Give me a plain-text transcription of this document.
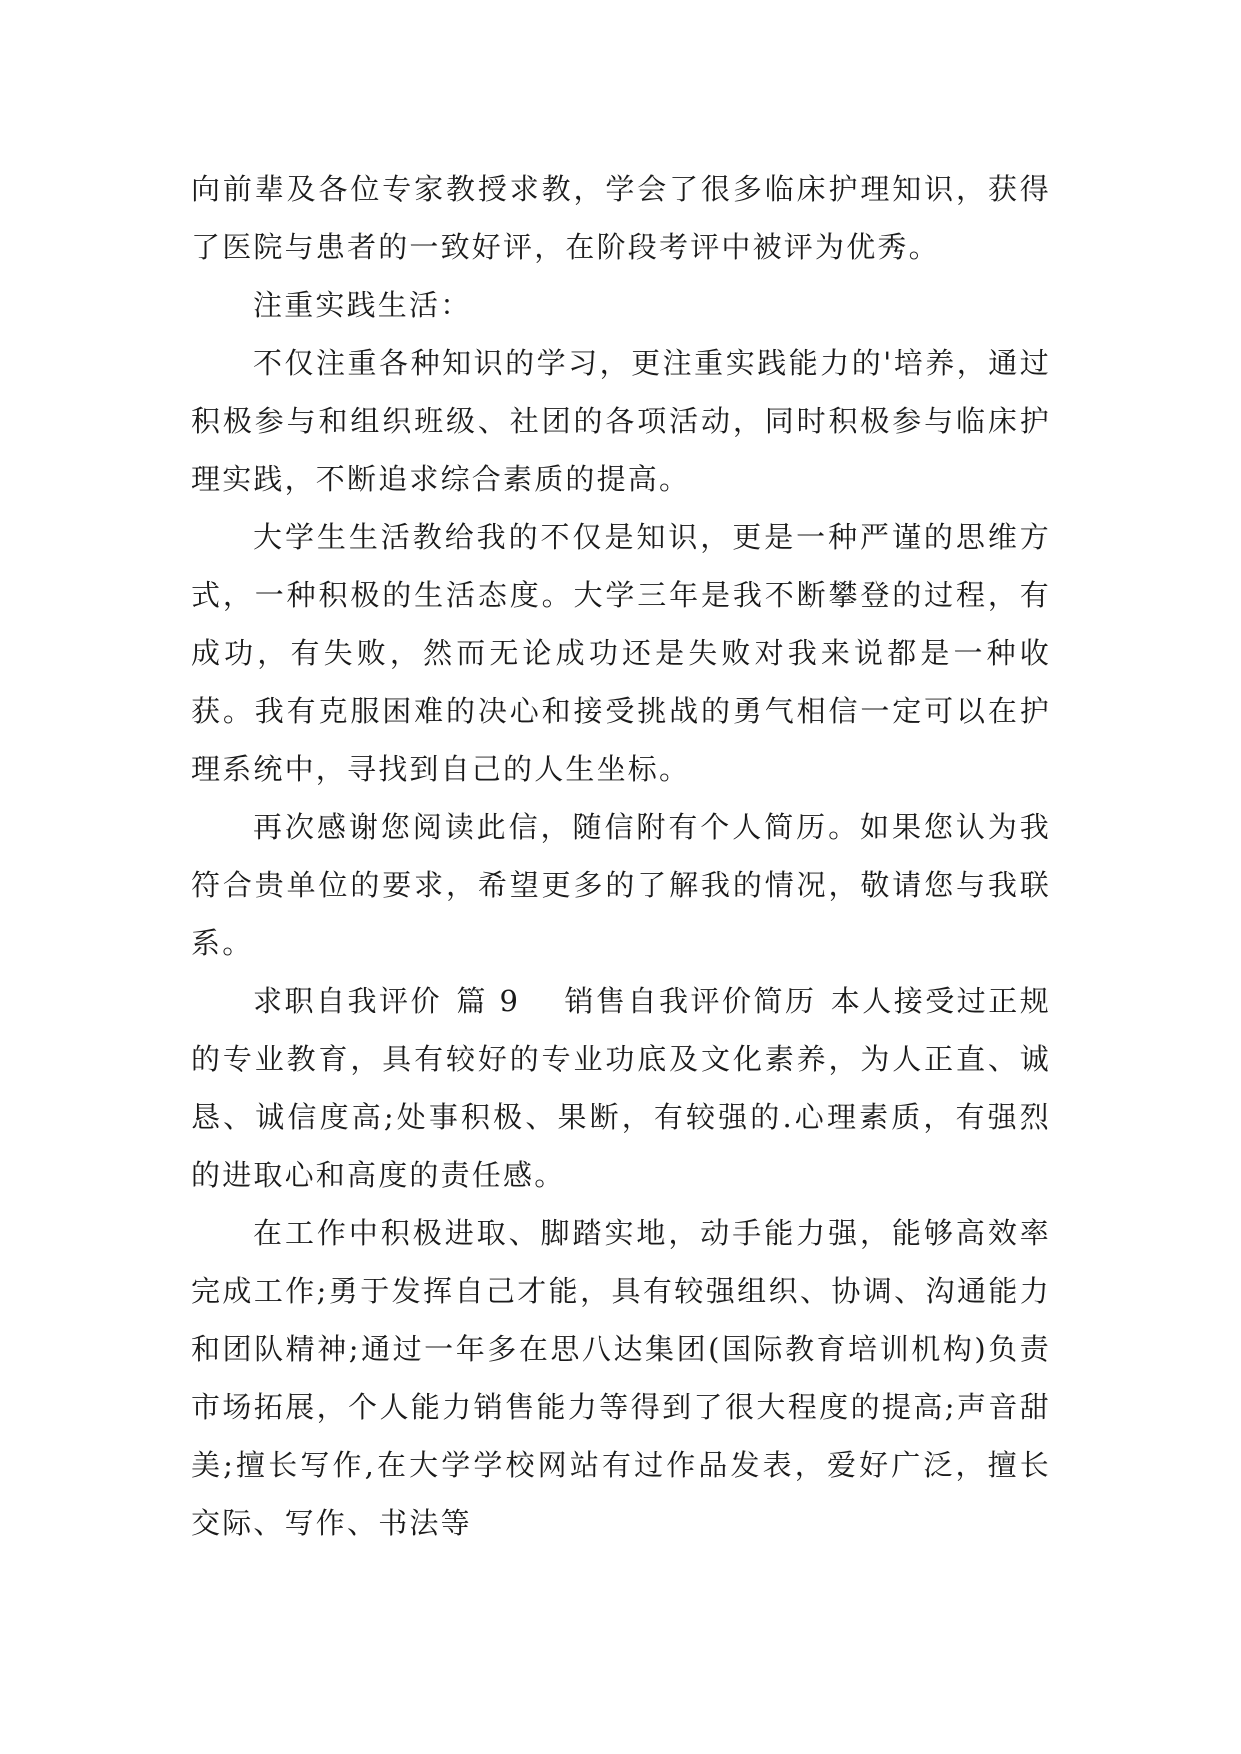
向前辈及各位专家教授求教，学会了很多临床护理知识，获得了医院与患者的一致好评，在阶段考评中被评为优秀。

注重实践生活：

不仅注重各种知识的学习，更注重实践能力的'培养，通过积极参与和组织班级、社团的各项活动，同时积极参与临床护理实践，不断追求综合素质的提高。

大学生生活教给我的不仅是知识，更是一种严谨的思维方式，一种积极的生活态度。大学三年是我不断攀登的过程，有成功，有失败，然而无论成功还是失败对我来说都是一种收获。我有克服困难的决心和接受挑战的勇气相信一定可以在护理系统中，寻找到自己的人生坐标。

再次感谢您阅读此信，随信附有个人简历。如果您认为我符合贵单位的要求，希望更多的了解我的情况，敬请您与我联系。

求职自我评价 篇 9 销售自我评价简历 本人接受过正规的专业教育，具有较好的专业功底及文化素养，为人正直、诚恳、诚信度高;处事积极、果断，有较强的.心理素质，有强烈的进取心和高度的责任感。

在工作中积极进取、脚踏实地，动手能力强，能够高效率完成工作;勇于发挥自己才能，具有较强组织、协调、沟通能力和团队精神;通过一年多在思八达集团(国际教育培训机构)负责市场拓展，个人能力销售能力等得到了很大程度的提高;声音甜美;擅长写作,在大学学校网站有过作品发表，爱好广泛，擅长交际、写作、书法等
